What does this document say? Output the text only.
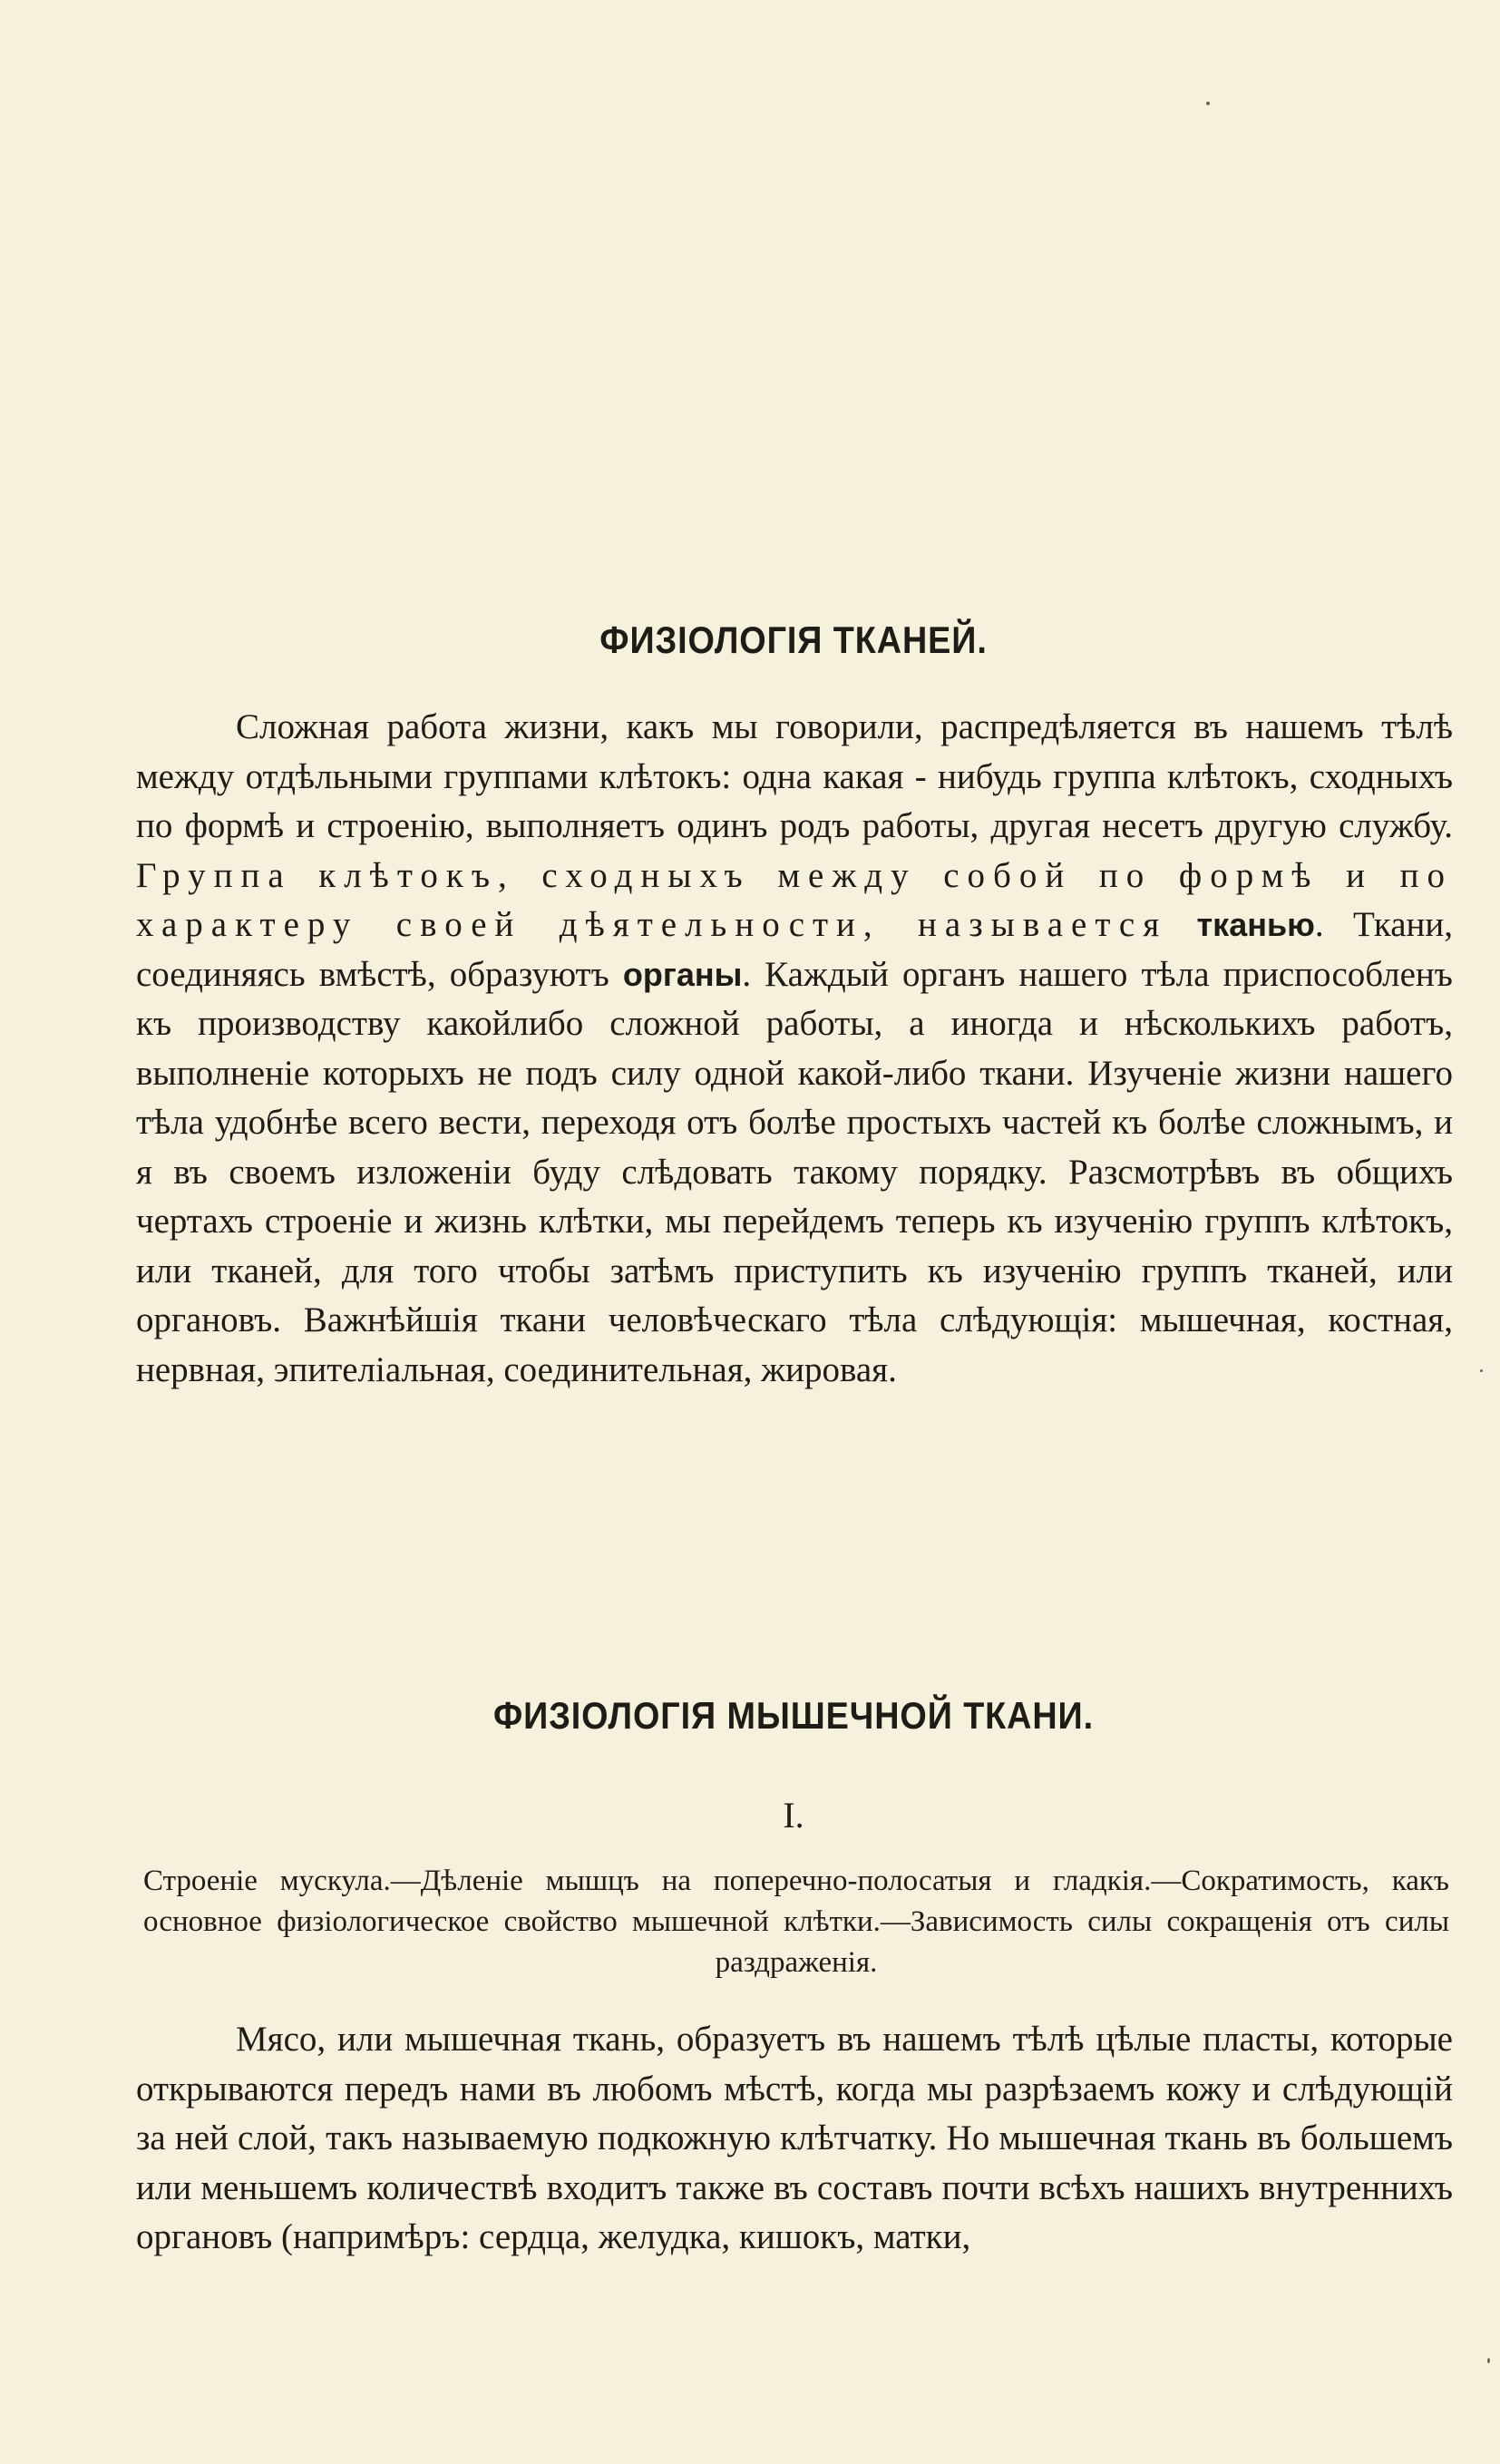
ФИЗІОЛОГІЯ ТКАНЕЙ.

Сложная работа жизни, какъ мы говорили, распредѣляется въ нашемъ тѣлѣ между отдѣльными группами клѣтокъ: одна какая - нибудь группа клѣтокъ, сходныхъ по формѣ и строенію, выполняетъ одинъ родъ работы, другая несетъ другую службу. Группа клѣтокъ, сходныхъ между собой по формѣ и по характеру своей дѣятельности, называется тканью. Ткани, соединяясь вмѣстѣ, образуютъ органы. Каждый органъ нашего тѣла приспособленъ къ производству какойлибо сложной работы, а иногда и нѣсколькихъ работъ, выполненіе которыхъ не подъ силу одной какой-либо ткани. Изученіе жизни нашего тѣла удобнѣе всего вести, переходя отъ болѣе простыхъ частей къ болѣе сложнымъ, и я въ своемъ изложеніи буду слѣдовать такому порядку. Разсмотрѣвъ въ общихъ чертахъ строеніе и жизнь клѣтки, мы перейдемъ теперь къ изученію группъ клѣтокъ, или тканей, для того чтобы затѣмъ приступить къ изученію группъ тканей, или органовъ. Важнѣйшія ткани человѣческаго тѣла слѣдующія: мышечная, костная, нервная, эпителіальная, соединительная, жировая.

ФИЗІОЛОГІЯ МЫШЕЧНОЙ ТКАНИ.
I.

Строеніе мускула.—Дѣленіе мышцъ на поперечно-полосатыя и гладкія.—Сократимость, какъ основное физіологическое свойство мышечной клѣтки.—Зависимость силы сокращенія отъ силы раздраженія.

Мясо, или мышечная ткань, образуетъ въ нашемъ тѣлѣ цѣлые пласты, которые открываются передъ нами въ любомъ мѣстѣ, когда мы разрѣзаемъ кожу и слѣдующій за ней слой, такъ называемую подкожную клѣтчатку. Но мышечная ткань въ большемъ или меньшемъ количествѣ входитъ также въ составъ почти всѣхъ нашихъ внутреннихъ органовъ (напримѣръ: сердца, желудка, кишокъ, матки,
